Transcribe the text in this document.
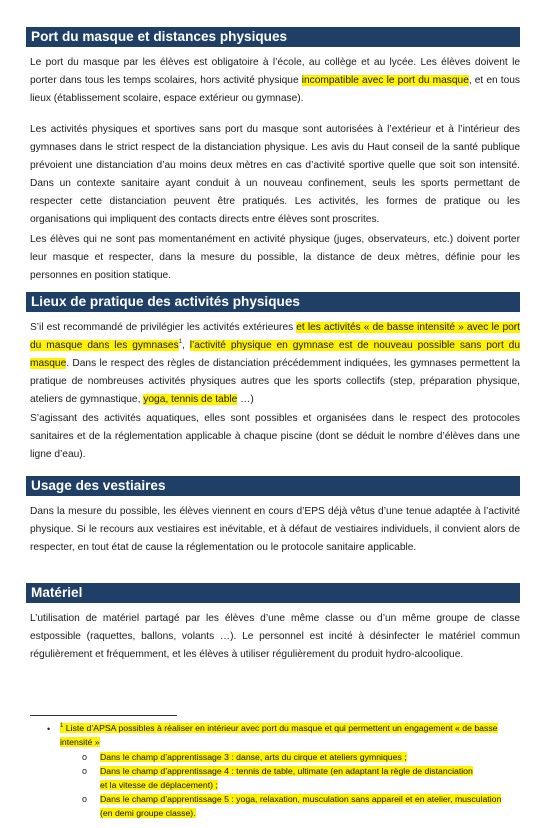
Port du masque et distances physiques

Le port du masque par les élèves est obligatoire à l’école, au collège et au lycée. Les élèves doivent le porter dans tous les temps scolaires, hors activité physique incompatible avec le port du masque, et en tous lieux (établissement scolaire, espace extérieur ou gymnase).

Les activités physiques et sportives sans port du masque sont autorisées à l’extérieur et à l’intérieur des gymnases dans le strict respect de la distanciation physique. Les avis du Haut conseil de la santé publique prévoient une distanciation d’au moins deux mètres en cas d’activité sportive quelle que soit son intensité. Dans un contexte sanitaire ayant conduit à un nouveau confinement, seuls les sports permettant de respecter cette distanciation peuvent être pratiqués. Les activités, les formes de pratique ou les organisations qui impliquent des contacts directs entre élèves sont proscrites.

Les élèves qui ne sont pas momentanément en activité physique (juges, observateurs, etc.) doivent porter leur masque et respecter, dans la mesure du possible, la distance de deux mètres, définie pour les personnes en position statique.

Lieux de pratique des activités physiques

S’il est recommandé de privilégier les activités extérieures et les activités « de basse intensité » avec le port du masque dans les gymnases$^1$, l’activité physique en gymnase est de nouveau possible sans port du masque. Dans le respect des règles de distanciation précédemment indiquées, les gymnases permettent la pratique de nombreuses activités physiques autres que les sports collectifs (step, préparation physique, ateliers de gymnastique, yoga, tennis de table …)

S’agissant des activités aquatiques, elles sont possibles et organisées dans le respect des protocoles sanitaires et de la réglementation applicable à chaque piscine (dont se déduit le nombre d’élèves dans une ligne d’eau).

Usage des vestiaires

Dans la mesure du possible, les élèves viennent en cours d’EPS déjà vêtus d’une tenue adaptée à l’activité physique. Si le recours aux vestiaires est inévitable, et à défaut de vestiaires individuels, il convient alors de respecter, en tout état de cause la réglementation ou le protocole sanitaire applicable.

Matériel

L’utilisation de matériel partagé par les élèves d’une même classe ou d’un même groupe de classe estpossible (raquettes, ballons, volants …). Le personnel est incité à désinfecter le matériel commun régulièrement et fréquemment, et les élèves à utiliser régulièrement du produit hydro-alcoolique.

• $^1$ Liste d’APSA possibles à réaliser en intérieur avec port du masque et qui permettent un engagement « de basse intensité »
o Dans le champ d’apprentissage 3 : danse, arts du cirque et ateliers gymniques ;
o Dans le champ d’apprentissage 4 : tennis de table, ultimate (en adaptant la règle de distanciation et la vitesse de déplacement) ;
o Dans le champ d’apprentissage 5 : yoga, relaxation, musculation sans appareil et en atelier, musculation (en demi groupe classe).
